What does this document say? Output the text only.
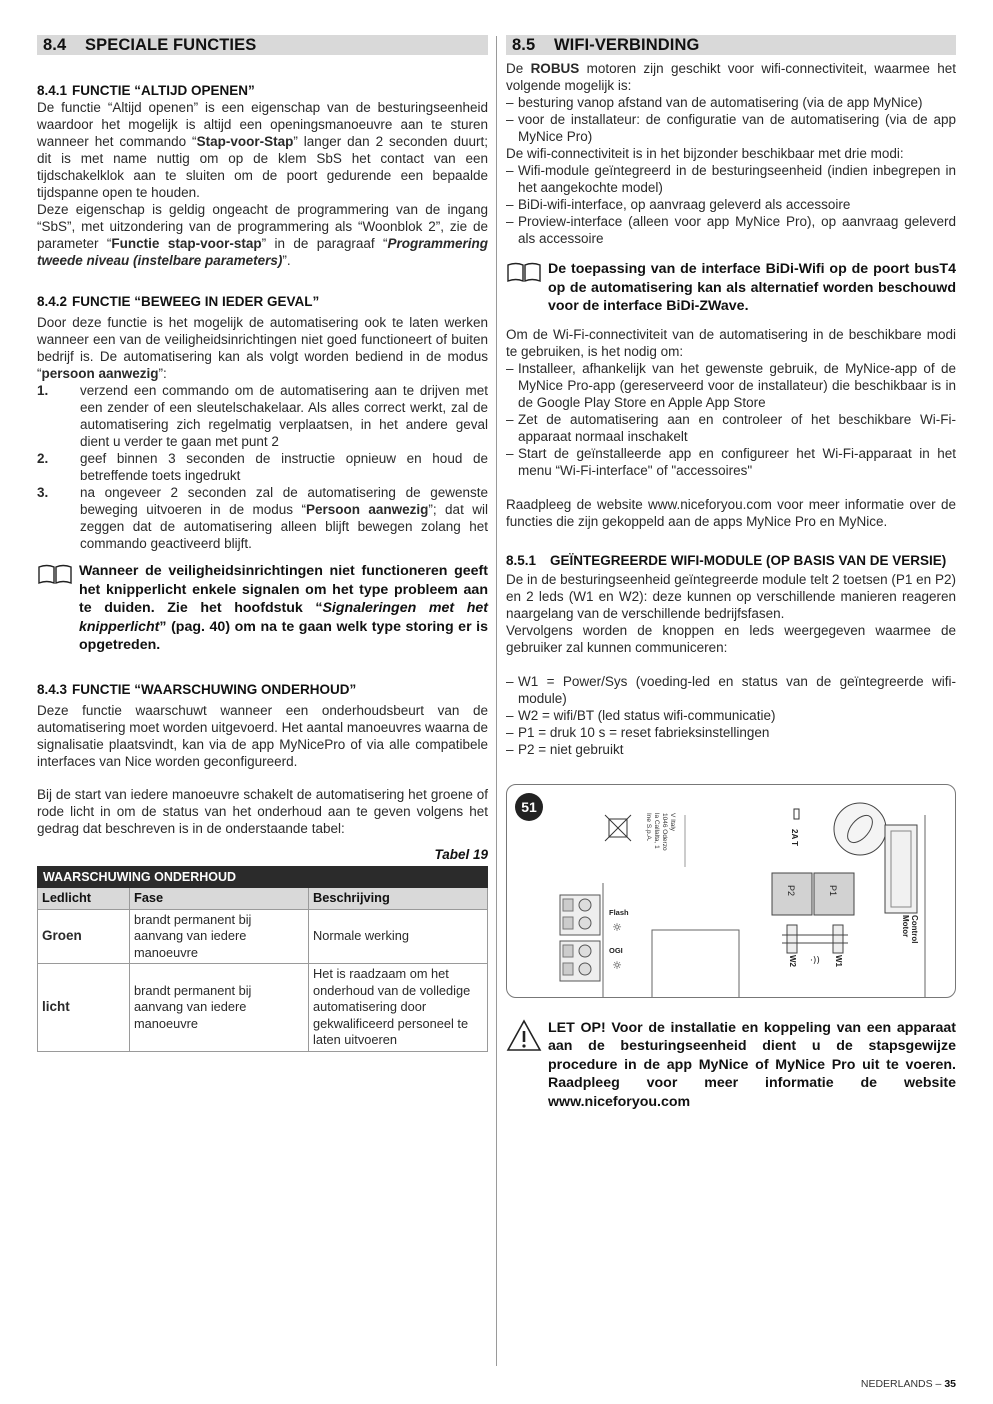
8.4 SPECIALE FUNCTIES
8.4.1 FUNCTIE “ALTIJD OPENEN”

De functie “Altijd openen” is een eigenschap van de besturingseenheid waardoor het mogelijk is altijd een openingsmanoeuvre aan te sturen wanneer het commando “Stap-voor-Stap” langer dan 2 seconden duurt; dit is met name nuttig om op de klem SbS het contact van een tijdschakelklok aan te sluiten om de poort gedurende een bepaalde tijdspanne open te houden.

Deze eigenschap is geldig ongeacht de programmering van de ingang “SbS”, met uitzondering van de programmering als “Woonblok 2”, zie de parameter “Functie stap-voor-stap” in de paragraaf “Programmering tweede niveau (instelbare parameters)”.

8.4.2 FUNCTIE “BEWEEG IN IEDER GEVAL”

Door deze functie is het mogelijk de automatisering ook te laten werken wanneer een van de veiligheidsinrichtingen niet goed functioneert of buiten bedrijf is. De automatisering kan als volgt worden bediend in de modus “persoon aanwezig”:

1.	verzend een commando om de automatisering aan te drijven met een zender of een sleutelschakelaar. Als alles correct werkt, zal de automatisering zich regelmatig verplaatsen, in het andere geval dient u verder te gaan met punt 2
2.	geef binnen 3 seconden de instructie opnieuw en houd de betreffende toets ingedrukt
3.	na ongeveer 2 seconden zal de automatisering de gewenste beweging uitvoeren in de modus “Persoon aanwezig”; dat wil zeggen dat de automatisering alleen blijft bewegen zolang het commando geactiveerd blijft.
Wanneer de veiligheidsinrichtingen niet functioneren geeft het knipperlicht enkele signalen om het type probleem aan te duiden. Zie het hoofdstuk “Signaleringen met het knipperlicht” (pag. 40) om na te gaan welk type storing er is opgetreden.
8.4.3 FUNCTIE “WAARSCHUWING ONDERHOUD”

Deze functie waarschuwt wanneer een onderhoudsbeurt van de automatisering moet worden uitgevoerd. Het aantal manoeuvres waarna de signalisatie plaatsvindt, kan via de app MyNicePro of via alle compatibele interfaces van Nice worden geconfigureerd.

Bij de start van iedere manoeuvre schakelt de automatisering het groene of rode licht in om de status van het onderhoud aan te geven volgens het gedrag dat beschreven is in de onderstaande tabel:

Tabel 19
WAARSCHUWING ONDERHOUD		
Ledlicht	Fase	Beschrijving
Groen	brandt permanent bij aanvang van iedere manoeuvre	Normale werking
licht	brandt permanent bij aanvang van iedere manoeuvre	Het is raadzaam om het onderhoud van de volledige automatisering door gekwalificeerd personeel te laten uitvoeren
8.5 WIFI-VERBINDING

De ROBUS motoren zijn geschikt voor wifi-connectiviteit, waarmee het volgende mogelijk is:

– besturing vanop afstand van de automatisering (via de app MyNice)
– voor de installateur: de configuratie van de automatisering (via de app MyNice Pro)

De wifi-connectiviteit is in het bijzonder beschikbaar met drie modi:

– Wifi-module geïntegreerd in de besturingseenheid (indien inbegrepen in het aangekochte model)
– BiDi-wifi-interface, op aanvraag geleverd als accessoire
– Proview-interface (alleen voor app MyNice Pro), op aanvraag geleverd als accessoire
De toepassing van de interface BiDi-Wifi op de poort busT4 op de automatisering kan als alternatief worden beschouwd voor de interface BiDi-ZWave.

Om de Wi-Fi-connectiviteit van de automatisering in de beschikbare modi te gebruiken, is het nodig om:

– Installeer, afhankelijk van het gewenste gebruik, de MyNice-app of de MyNice Pro-app (gereserveerd voor de installateur) die beschikbaar is in de Google Play Store en Apple App Store
– Zet de automatisering aan en controleer of het beschikbare Wi-Fi-apparaat normaal inschakelt
– Start de geïnstalleerde app en configureer het Wi-Fi-apparaat in het menu “Wi-Fi-interface" of "accessoires"

Raadpleeg de website www.niceforyou.com voor meer informatie over de functies die zijn gekoppeld aan de apps MyNice Pro en MyNice.

8.5.1	GEÏNTEGREERDE WIFI-MODULE (OP BASIS VAN DE VERSIE)

De in de besturingseenheid geïntegreerde module telt 2 toetsen (P1 en P2) en 2 leds (W1 en W2): deze kunnen op verschillende manieren reageren naargelang van de verschillende bedrijfsfasen.

Vervolgens worden de knoppen en leds weergegeven waarmee de gebruiker zal kunnen communiceren:

– W1 = Power/Sys (voeding-led en status van de geïntegreerde wifi-module)
– W2 = wifi/BT (led status wifi-communicatie)
– P1 = druk 10 s = reset fabrieksinstellingen
– P2 = niet gebruikt
51
Flash
☼
OGI
☼
Ine S.p.A. la Callalta, 1 1046 Oderzo V Italy
2A T
P2	P1
·))
W2	W1
Motor Control
LET OP! Voor de installatie en koppeling van een apparaat aan de besturingseenheid dient u de stapsgewijze procedure in de app MyNice of MyNice Pro uit te voeren. Raadpleeg voor meer informatie de website www.niceforyou.com
NEDERLANDS – 35
